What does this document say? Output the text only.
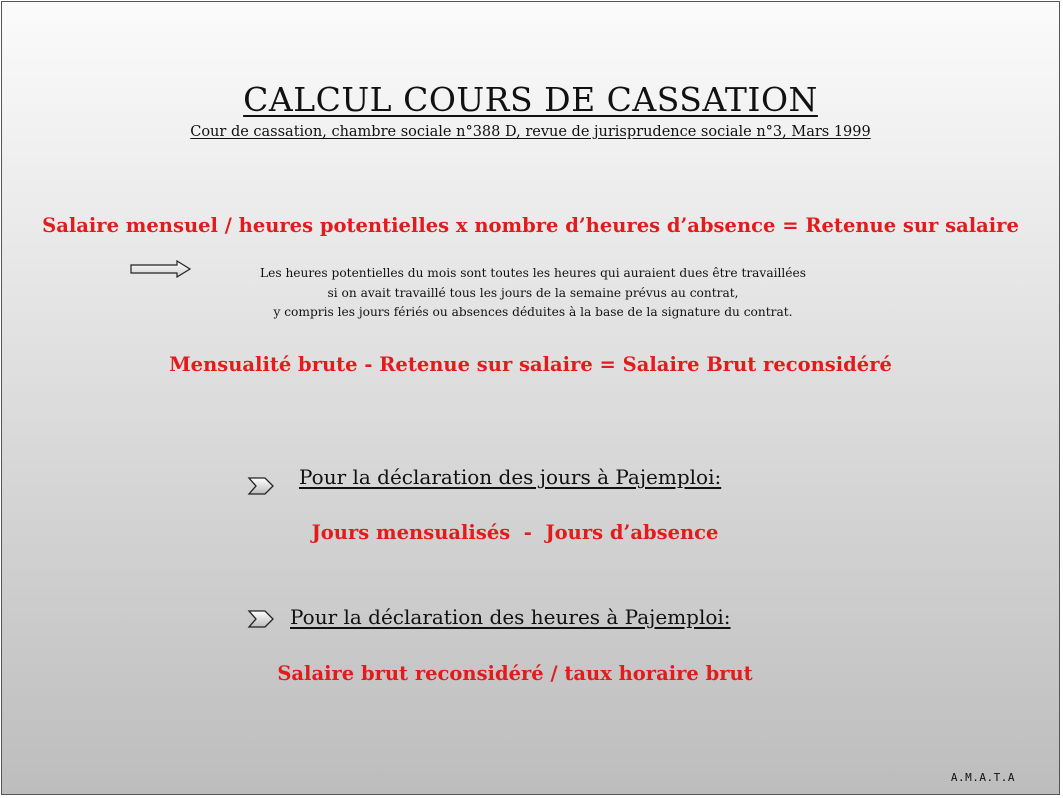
CALCUL COURS DE CASSATION
Cour de cassation, chambre sociale n°388 D, revue de jurisprudence sociale n°3, Mars 1999
Salaire mensuel / heures potentielles x nombre d’heures d’absence = Retenue sur salaire
Les heures potentielles du mois sont toutes les heures qui auraient dues être travaillées
si on avait travaillé tous les jours de la semaine prévus au contrat,
y compris les jours fériés ou absences déduites à la base de la signature du contrat.
Mensualité brute - Retenue sur salaire = Salaire Brut reconsidéré
Pour la déclaration des jours à Pajemploi:
Jours mensualisés  -  Jours d’absence
Pour la déclaration des heures à Pajemploi:
Salaire brut reconsidéré / taux horaire brut
A.M.A.T.A
